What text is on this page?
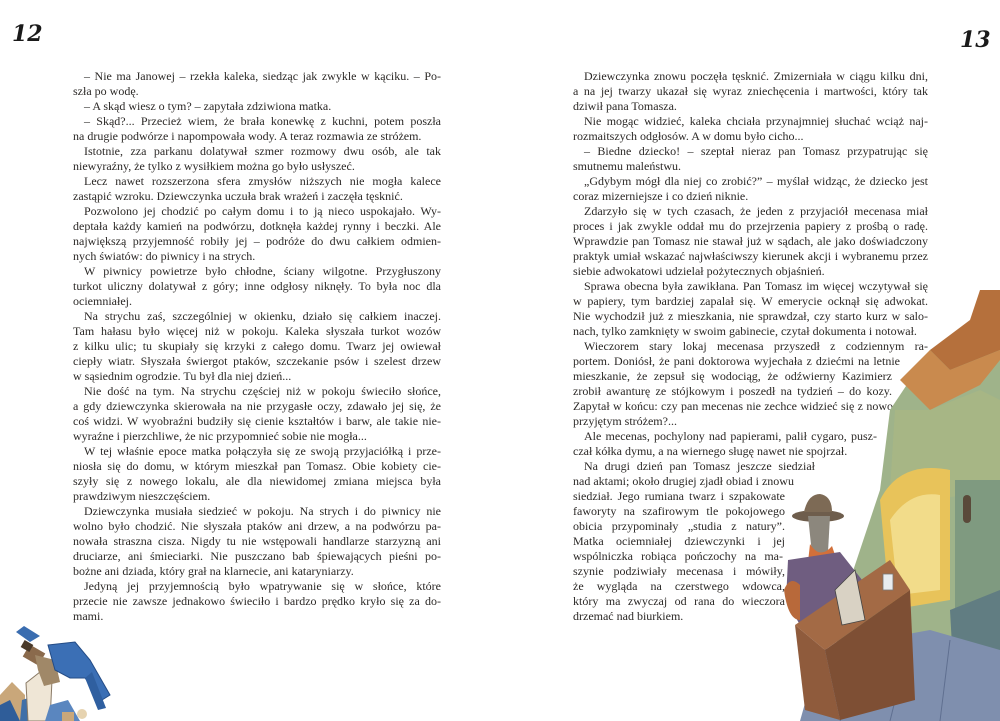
12	13
– Nie ma Janowej – rzekła kaleka, siedząc jak zwykle w kąciku. – Po-
szła po wodę.
– A skąd wiesz o tym? – zapytała zdziwiona matka.
– Skąd?... Przecież wiem, że brała konewkę z kuchni, potem poszła
na drugie podwórze i napompowała wody. A teraz rozmawia ze stróżem.
Istotnie, zza parkanu dolatywał szmer rozmowy dwu osób, ale tak
niewyraźny, że tylko z wysiłkiem można go było usłyszeć.
Lecz nawet rozszerzona sfera zmysłów niższych nie mogła kalece
zastąpić wzroku. Dziewczynka uczuła brak wrażeń i zaczęła tęsknić.
Pozwolono jej chodzić po całym domu i to ją nieco uspokajało. Wy-
deptała każdy kamień na podwórzu, dotknęła każdej rynny i beczki. Ale
największą przyjemność robiły jej – podróże do dwu całkiem odmien-
nych światów: do piwnicy i na strych.
W piwnicy powietrze było chłodne, ściany wilgotne. Przygłuszony
turkot uliczny dolatywał z góry; inne odgłosy niknęły. To była noc dla
ociemniałej.
Na strychu zaś, szczególniej w okienku, działo się całkiem inaczej.
Tam hałasu było więcej niż w pokoju. Kaleka słyszała turkot wozów
z kilku ulic; tu skupiały się krzyki z całego domu. Twarz jej owiewał
ciepły wiatr. Słyszała świergot ptaków, szczekanie psów i szelest drzew
w sąsiednim ogrodzie. Tu był dla niej dzień...
Nie dość na tym. Na strychu częściej niż w pokoju świeciło słońce,
a gdy dziewczynka skierowała na nie przygasłe oczy, zdawało jej się, że
coś widzi. W wyobraźni budziły się cienie kształtów i barw, ale takie nie-
wyraźne i pierzchliwe, że nic przypomnieć sobie nie mogła...
W tej właśnie epoce matka połączyła się ze swoją przyjaciółką i prze-
niosła się do domu, w którym mieszkał pan Tomasz. Obie kobiety cie-
szyły się z nowego lokalu, ale dla niewidomej zmiana miejsca była
prawdziwym nieszczęściem.
Dziewczynka musiała siedzieć w pokoju. Na strych i do piwnicy nie
wolno było chodzić. Nie słyszała ptaków ani drzew, a na podwórzu pa-
nowała straszna cisza. Nigdy tu nie wstępowali handlarze starzyzną ani
druciarze, ani śmieciarki. Nie puszczano bab śpiewających pieśni po-
bożne ani dziada, który grał na klarnecie, ani kataryniarzy.
Jedyną jej przyjemnością było wpatrywanie się w słońce, które
przecie nie zawsze jednakowo świeciło i bardzo prędko kryło się za do-
mami.
Dziewczynka znowu poczęła tęsknić. Zmizerniała w ciągu kilku dni,
a na jej twarzy ukazał się wyraz zniechęcenia i martwości, który tak
dziwił pana Tomasza.
Nie mogąc widzieć, kaleka chciała przynajmniej słuchać wciąż naj-
rozmaitszych odgłosów. A w domu było cicho...
– Biedne dziecko! – szeptał nieraz pan Tomasz przypatrując się
smutnemu maleństwu.
„Gdybym mógł dla niej co zrobić?” – myślał widząc, że dziecko jest
coraz mizerniejsze i co dzień niknie.
Zdarzyło się w tych czasach, że jeden z przyjaciół mecenasa miał
proces i jak zwykle oddał mu do przejrzenia papiery z prośbą o radę.
Wprawdzie pan Tomasz nie stawał już w sądach, ale jako doświadczony
praktyk umiał wskazać najwłaściwszy kierunek akcji i wybranemu przez
siebie adwokatowi udzielał pożytecznych objaśnień.
Sprawa obecna była zawikłana. Pan Tomasz im więcej wczytywał się
w papiery, tym bardziej zapalał się. W emerycie ocknął się adwokat.
Nie wychodził już z mieszkania, nie sprawdzał, czy starto kurz w salo-
nach, tylko zamknięty w swoim gabinecie, czytał dokumenta i notował.
Wieczorem stary lokaj mecenasa przyszedł z codziennym ra-
portem. Doniósł, że pani doktorowa wyjechała z dziećmi na letnie
mieszkanie, że zepsuł się wodociąg, że odźwierny Kazimierz
zrobił awanturę ze stójkowym i poszedł na tydzień – do kozy.
Zapytał w końcu: czy pan mecenas nie zechce widzieć się z nowo
przyjętym stróżem?...
Ale mecenas, pochylony nad papierami, palił cygaro, pusz-
czał kółka dymu, a na wiernego sługę nawet nie spojrzał.
Na drugi dzień pan Tomasz jeszcze siedział
nad aktami; około drugiej zjadł obiad i znowu
siedział. Jego rumiana twarz i szpakowate
faworyty na szafirowym tle pokojowego
obicia przypominały „studia z natury”.
Matka ociemniałej dziewczynki i jej
wspólniczka robiąca pończochy na ma-
szynie podziwiały mecenasa i mówiły,
że wygląda na czerstwego wdowca,
który ma zwyczaj od rana do wieczora
drzemać nad biurkiem.
